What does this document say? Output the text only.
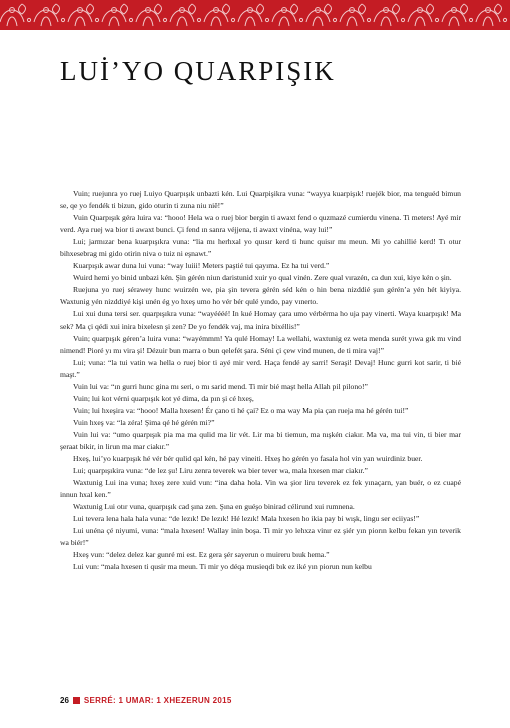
LUİ’YO QUARPIŞIK

Vuin; ruejunra yo ruej Luiyo Quarpışık unbazti kén. Lui Quarpişikra vuna: “wayya kuarpişık! ruejék bior, ma tenguéd bimun se, qe yo fendék ti bizun, gido oturin ti zuna niu niê!”

Vuin Quarpışık géra luira va: “hooo! Hela wa o ruej bior bergin ti awaxt fend o quzmazé cumierdu vinena. Ti meters! Ayé mir verd. Aya ruej wa bior ti awaxt bunci. Çi fend ın sanra véjjena, ti awaxt vinéna, way lui!”

Lui; jarmızar bena kuarpışıkra vuna: “lia mı herhxal yo quısır kerd ti hunc quisır mı meun. Mi yo cahillié kerd! Tı otur bihxesebrag mi gido otirin niva o tuiz ni eşnawt.”

Kuarpışık awar duna lui vuna: “way luiii! Meters paştié tui qayıma. Ez ha tui verd.”

Wuird hemi yo binid unbazi kén. Şin gérén niun daristunid xuir yo qual vinén. Zere qual vırazén, ca dun xui, kiye kén o şin.

Ruejuna yo ruej sérawey hunc wuirzén we, pia şin tevera gérén séd kén o hin bena nizddié şun gérén’a yén hét kiyiya. Waxtunig yén nizddiyé kişi unén ég yo hxeş umo ho vér bér qulé yındo, pay vınerto.

Lui xui duna tersi ser. quarpışıkra vuna: “wayéééé! In kué Homay çara umo vérbérma ho uja pay vinerti. Waya kuarpışık! Ma sek? Ma çi qédi xui inira bixelesn şi zen? De yo fendék vaj, ma inira bixéllis!”

Vuin; quarpışık géren’a luira vuna: “wayémmm! Ya qulé Homay! La wellahi, waxtunig ez weta menda surét yıwa gık mı vind nimend! Pioré yı mı vira şi! Dézuir bun marra o bun qelefét şara. Séni çi çew vind munen, de ti mira vaj!”

Lui; vuna: “la tui vatin wa hella o ruej bior ti ayé mir verd. Haça fendé ay sarri! Seraşi! Devaj! Hunc gurri kot sarir, ti bié maşt.”

Vuin lui va: “ın gurri hunc gina mı seri, o mı sarid mend. Ti mir bié maşt hella Allah pil pilono!”

Vuin; lui kot vérni quarpışık kot yé dima, da pın şi cé hxeş,

Vuin; lui hxeşira va: “hooo! Malla hxesen! Ér çano ti hé çai? Ez o ma way Ma pia çan rueja ma hé gérén tui!”

Vuin hxeş va: “la zéra! Şima qé hé gérén mi?”

Vuin lui va: “umo quarpışık pia ma ma qulid ma lir vét. Lir ma bi tiemun, ma nışkén ciakır. Ma va, ma tui vin, ti bier mar şeraat bikir, in lirun ma mar ciakır.”

Hxeş, lui’yo kuarpışık hé vér bér qulid qal kén, hé pay vineiti. Hxeş ho gérén yo fasala hol vin yan wuirdiniz buer.

Lui; quarpışıkira vuna: “de lez şu! Liru zenra teverek wa bier tever wa, mala hxesen mar ciakır.”

Waxtunig Lui ina vuna; hxeş zere xuid vun: “ina daha hola. Vin wa şior liru teverek ez fek yınaçarn, yan buér, o ez cuapé innun hxal ken.”

Waxtunig Lui otır vuna, quarpışık cad şına zen. Şına en guéşo binirad célirund xui rumnena.

Lui tevera lena hala hala vuna: “de lezık! De lezık! Hé lezık! Mala hxesen ho ikia pay bi wışk, lingu ser eciiyas!”

Lui unéna çé niyumi, vuna: “mala hxesen! Wallay inin boşa. Ti mir yo lehxza vinır ez şiér yın piorın kelbu fekan yın teverik wa biér!”

Hxeş vun: “delez delez kar gunré mi est. Ez gera şér sayerun o muireru bıuk hema.”

Lui vun: “mala hxesen ti qusir ma meun. Ti mir yo déqa musieqdi bık ez iké yın piorun nun kelbu

26 SERRÉ: 1 UMAR: 1 XHEZERUN 2015
